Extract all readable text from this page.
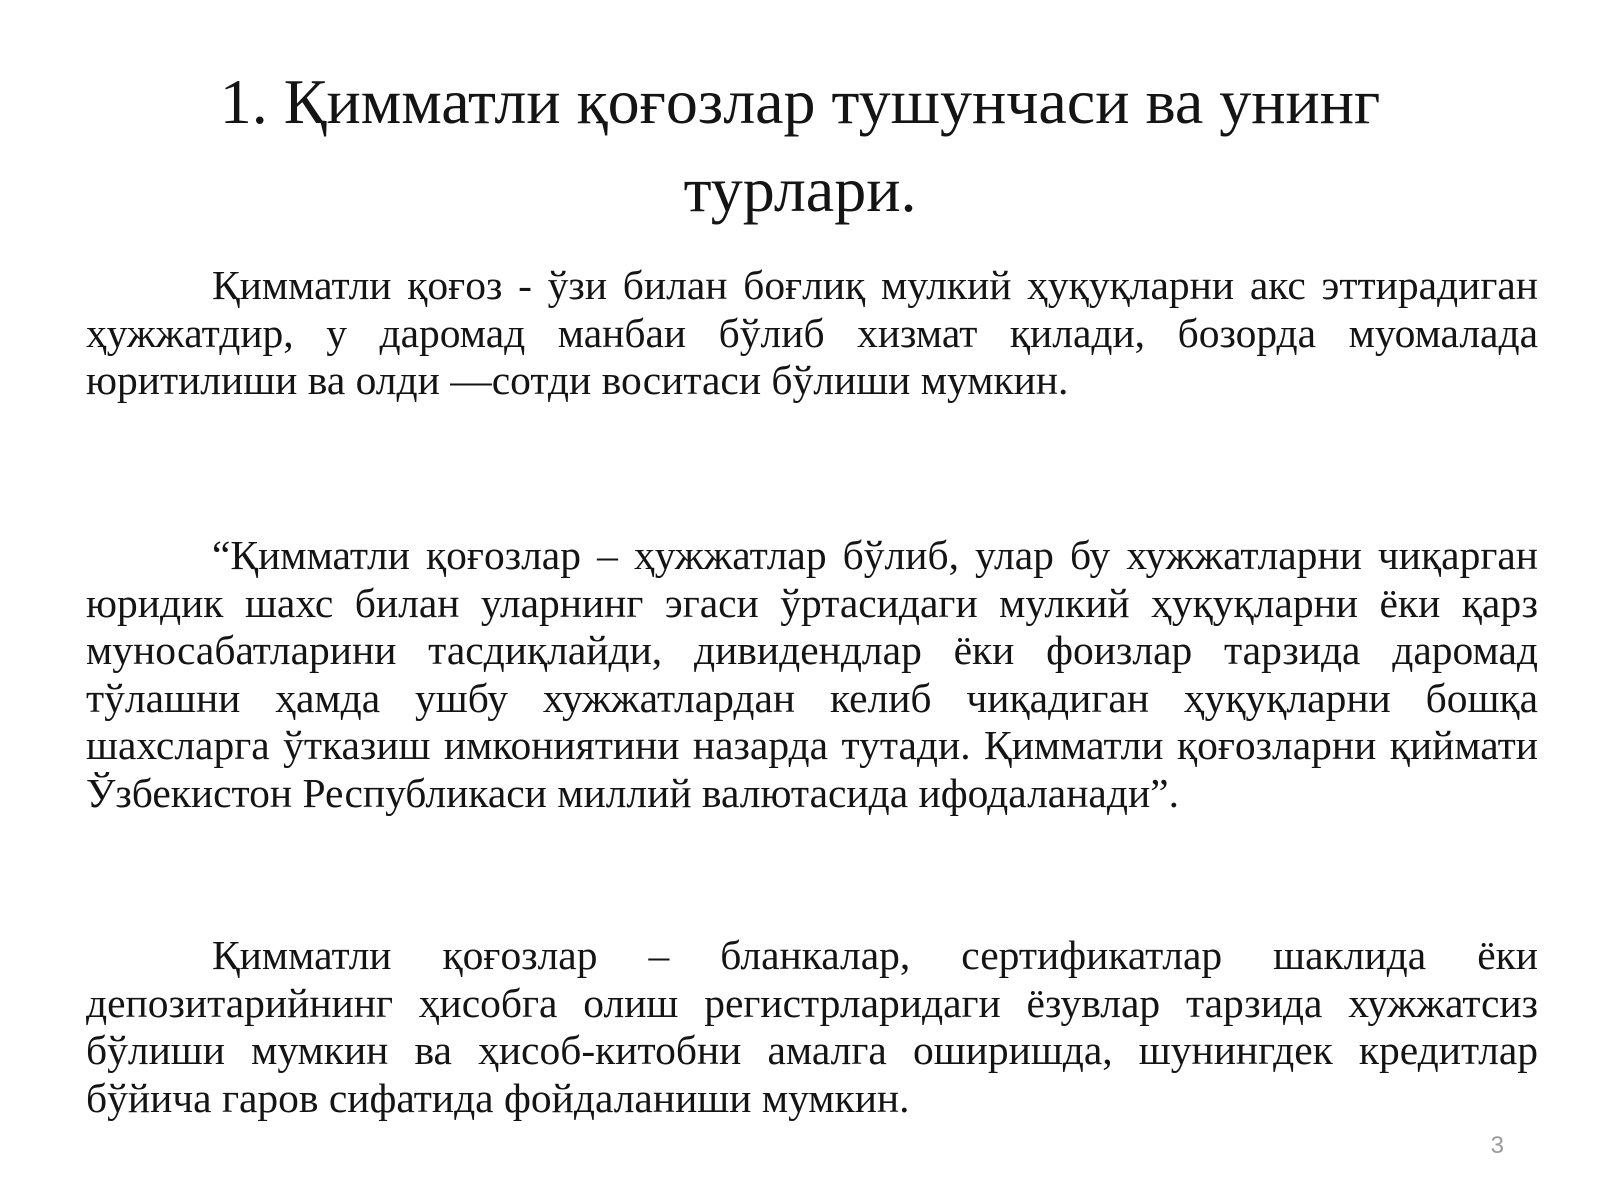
1. Қимматли қоғозлар тушунчаси ва унинг турлари.

Қимматли қоғоз - ўзи билан боғлиқ мулкий ҳуқуқларни акс эттирадиган ҳужжатдир, у даромад манбаи бўлиб хизмат қилади, бозорда муомалада юритилиши ва олди —сотди воситаси бўлиши мумкин.

“Қимматли қоғозлар – ҳужжатлар бўлиб, улар бу хужжатларни чиқарган юридик шахс билан уларнинг эгаси ўртасидаги мулкий ҳуқуқларни ёки қарз муносабатларини тасдиқлайди, дивидендлар ёки фоизлар тарзида даромад тўлашни ҳамда ушбу хужжатлардан келиб чиқадиган ҳуқуқларни бошқа шахсларга ўтказиш имкониятини назарда тутади. Қимматли қоғозларни қиймати Ўзбекистон Республикаси миллий валютасида ифодаланади”.

Қимматли қоғозлар – бланкалар, сертификатлар шаклида ёки депозитарийнинг ҳисобга олиш регистрларидаги ёзувлар тарзида хужжатсиз бўлиши мумкин ва ҳисоб-китобни амалга оширишда, шунингдек кредитлар бўйича гаров сифатида фойдаланиши мумкин.

3
